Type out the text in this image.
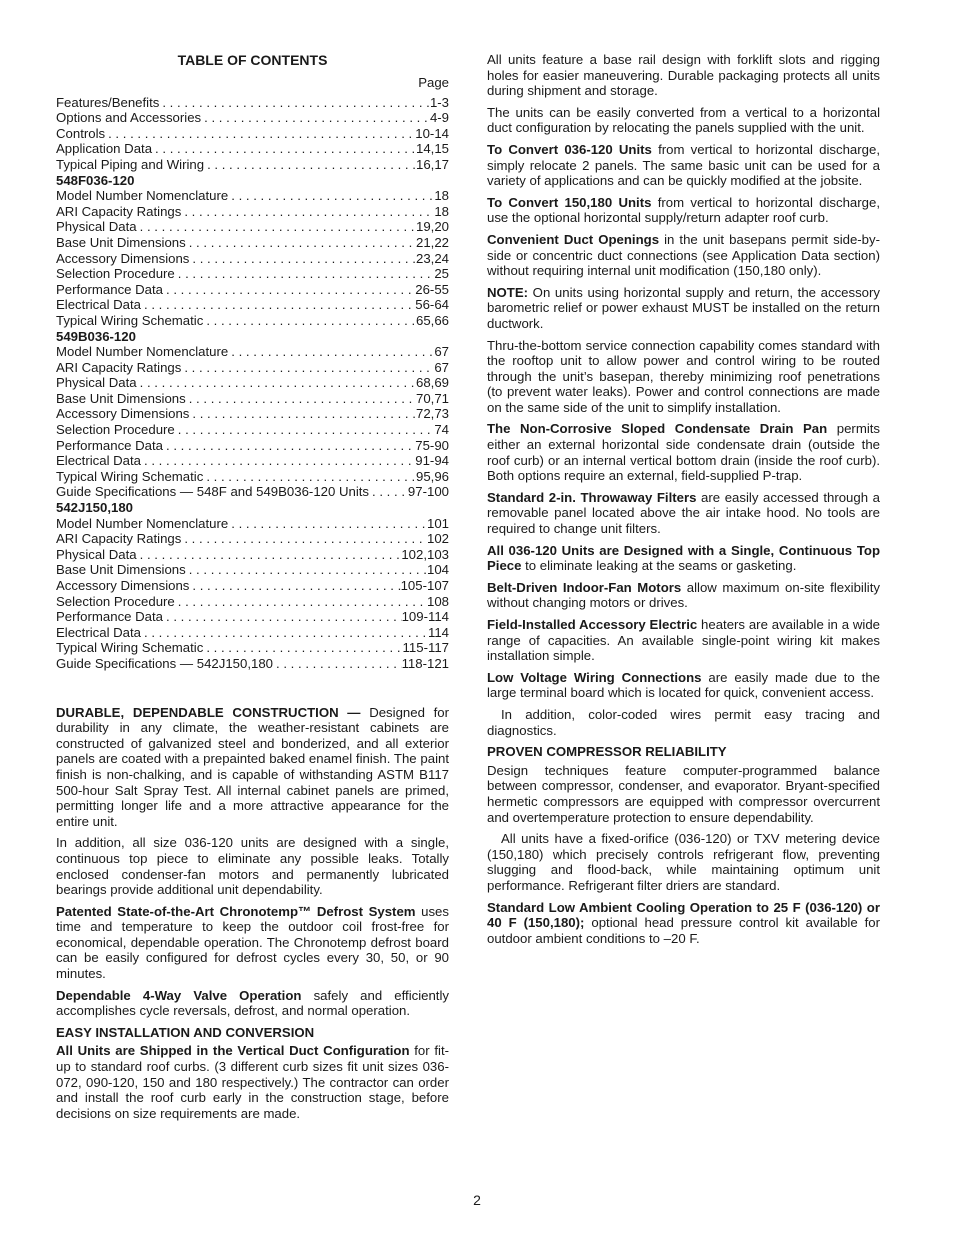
TABLE OF CONTENTS
Page
Features/Benefits . . .	1-3
Options and Accessories . . .	4-9
Controls . . .	10-14
Application Data . . .	14,15
Typical Piping and Wiring . . .	16,17
548F036-120
Model Number Nomenclature . . .	18
ARI Capacity Ratings . . .	18
Physical Data . . .	19,20
Base Unit Dimensions . . .	21,22
Accessory Dimensions . . .	23,24
Selection Procedure . . .	25
Performance Data . . .	26-55
Electrical Data . . .	56-64
Typical Wiring Schematic . . .	65,66
549B036-120
Model Number Nomenclature . . .	67
ARI Capacity Ratings . . .	67
Physical Data . . .	68,69
Base Unit Dimensions . . .	70,71
Accessory Dimensions . . .	72,73
Selection Procedure . . .	74
Performance Data . . .	75-90
Electrical Data . . .	91-94
Typical Wiring Schematic . . .	95,96
Guide Specifications — 548F and 549B036-120 Units . . .	97-100
542J150,180
Model Number Nomenclature . . .	101
ARI Capacity Ratings . . .	102
Physical Data . . .	102,103
Base Unit Dimensions . . .	104
Accessory Dimensions . . .	105-107
Selection Procedure . . .	108
Performance Data . . .	109-114
Electrical Data . . .	114
Typical Wiring Schematic . . .	115-117
Guide Specifications — 542J150,180 . . .	118-121

DURABLE, DEPENDABLE CONSTRUCTION — Designed for durability in any climate, the weather-resistant cabinets are constructed of galvanized steel and bonderized, and all exterior panels are coated with a prepainted baked enamel finish. The paint finish is non-chalking, and is capable of withstanding ASTM B117 500-hour Salt Spray Test. All internal cabinet panels are primed, permitting longer life and a more attractive appearance for the entire unit.

In addition, all size 036-120 units are designed with a single, continuous top piece to eliminate any possible leaks. Totally enclosed condenser-fan motors and permanently lubricated bearings provide additional unit dependability.

Patented State-of-the-Art Chronotemp™ Defrost System uses time and temperature to keep the outdoor coil frost-free for economical, dependable operation. The Chronotemp defrost board can be easily configured for defrost cycles every 30, 50, or 90 minutes.

Dependable 4-Way Valve Operation safely and efficiently accomplishes cycle reversals, defrost, and normal operation.

EASY INSTALLATION AND CONVERSION

All Units are Shipped in the Vertical Duct Configuration for fit-up to standard roof curbs. (3 different curb sizes fit unit sizes 036-072, 090-120, 150 and 180 respectively.) The contractor can order and install the roof curb early in the construction stage, before decisions on size requirements are made.

All units feature a base rail design with forklift slots and rigging holes for easier maneuvering. Durable packaging protects all units during shipment and storage.

The units can be easily converted from a vertical to a horizontal duct configuration by relocating the panels supplied with the unit.

To Convert 036-120 Units from vertical to horizontal discharge, simply relocate 2 panels. The same basic unit can be used for a variety of applications and can be quickly modified at the jobsite.

To Convert 150,180 Units from vertical to horizontal discharge, use the optional horizontal supply/return adapter roof curb.

Convenient Duct Openings in the unit basepans permit side-by-side or concentric duct connections (see Application Data section) without requiring internal unit modification (150,180 only).

NOTE: On units using horizontal supply and return, the accessory barometric relief or power exhaust MUST be installed on the return ductwork.

Thru-the-bottom service connection capability comes standard with the rooftop unit to allow power and control wiring to be routed through the unit’s basepan, thereby minimizing roof penetrations (to prevent water leaks). Power and control connections are made on the same side of the unit to simplify installation.

The Non-Corrosive Sloped Condensate Drain Pan permits either an external horizontal side condensate drain (outside the roof curb) or an internal vertical bottom drain (inside the roof curb). Both options require an external, field-supplied P-trap.

Standard 2-in. Throwaway Filters are easily accessed through a removable panel located above the air intake hood. No tools are required to change unit filters.

All 036-120 Units are Designed with a Single, Continuous Top Piece to eliminate leaking at the seams or gasketing.

Belt-Driven Indoor-Fan Motors allow maximum on-site flexibility without changing motors or drives.

Field-Installed Accessory Electric heaters are available in a wide range of capacities. An available single-point wiring kit makes installation simple.

Low Voltage Wiring Connections are easily made due to the large terminal board which is located for quick, convenient access.

In addition, color-coded wires permit easy tracing and diagnostics.

PROVEN COMPRESSOR RELIABILITY

Design techniques feature computer-programmed balance between compressor, condenser, and evaporator. Bryant-specified hermetic compressors are equipped with compressor overcurrent and overtemperature protection to ensure dependability.

All units have a fixed-orifice (036-120) or TXV metering device (150,180) which precisely controls refrigerant flow, preventing slugging and flood-back, while maintaining optimum unit performance. Refrigerant filter driers are standard.

Standard Low Ambient Cooling Operation to 25 F (036-120) or 40 F (150,180); optional head pressure control kit available for outdoor ambient conditions to –20 F.

2
